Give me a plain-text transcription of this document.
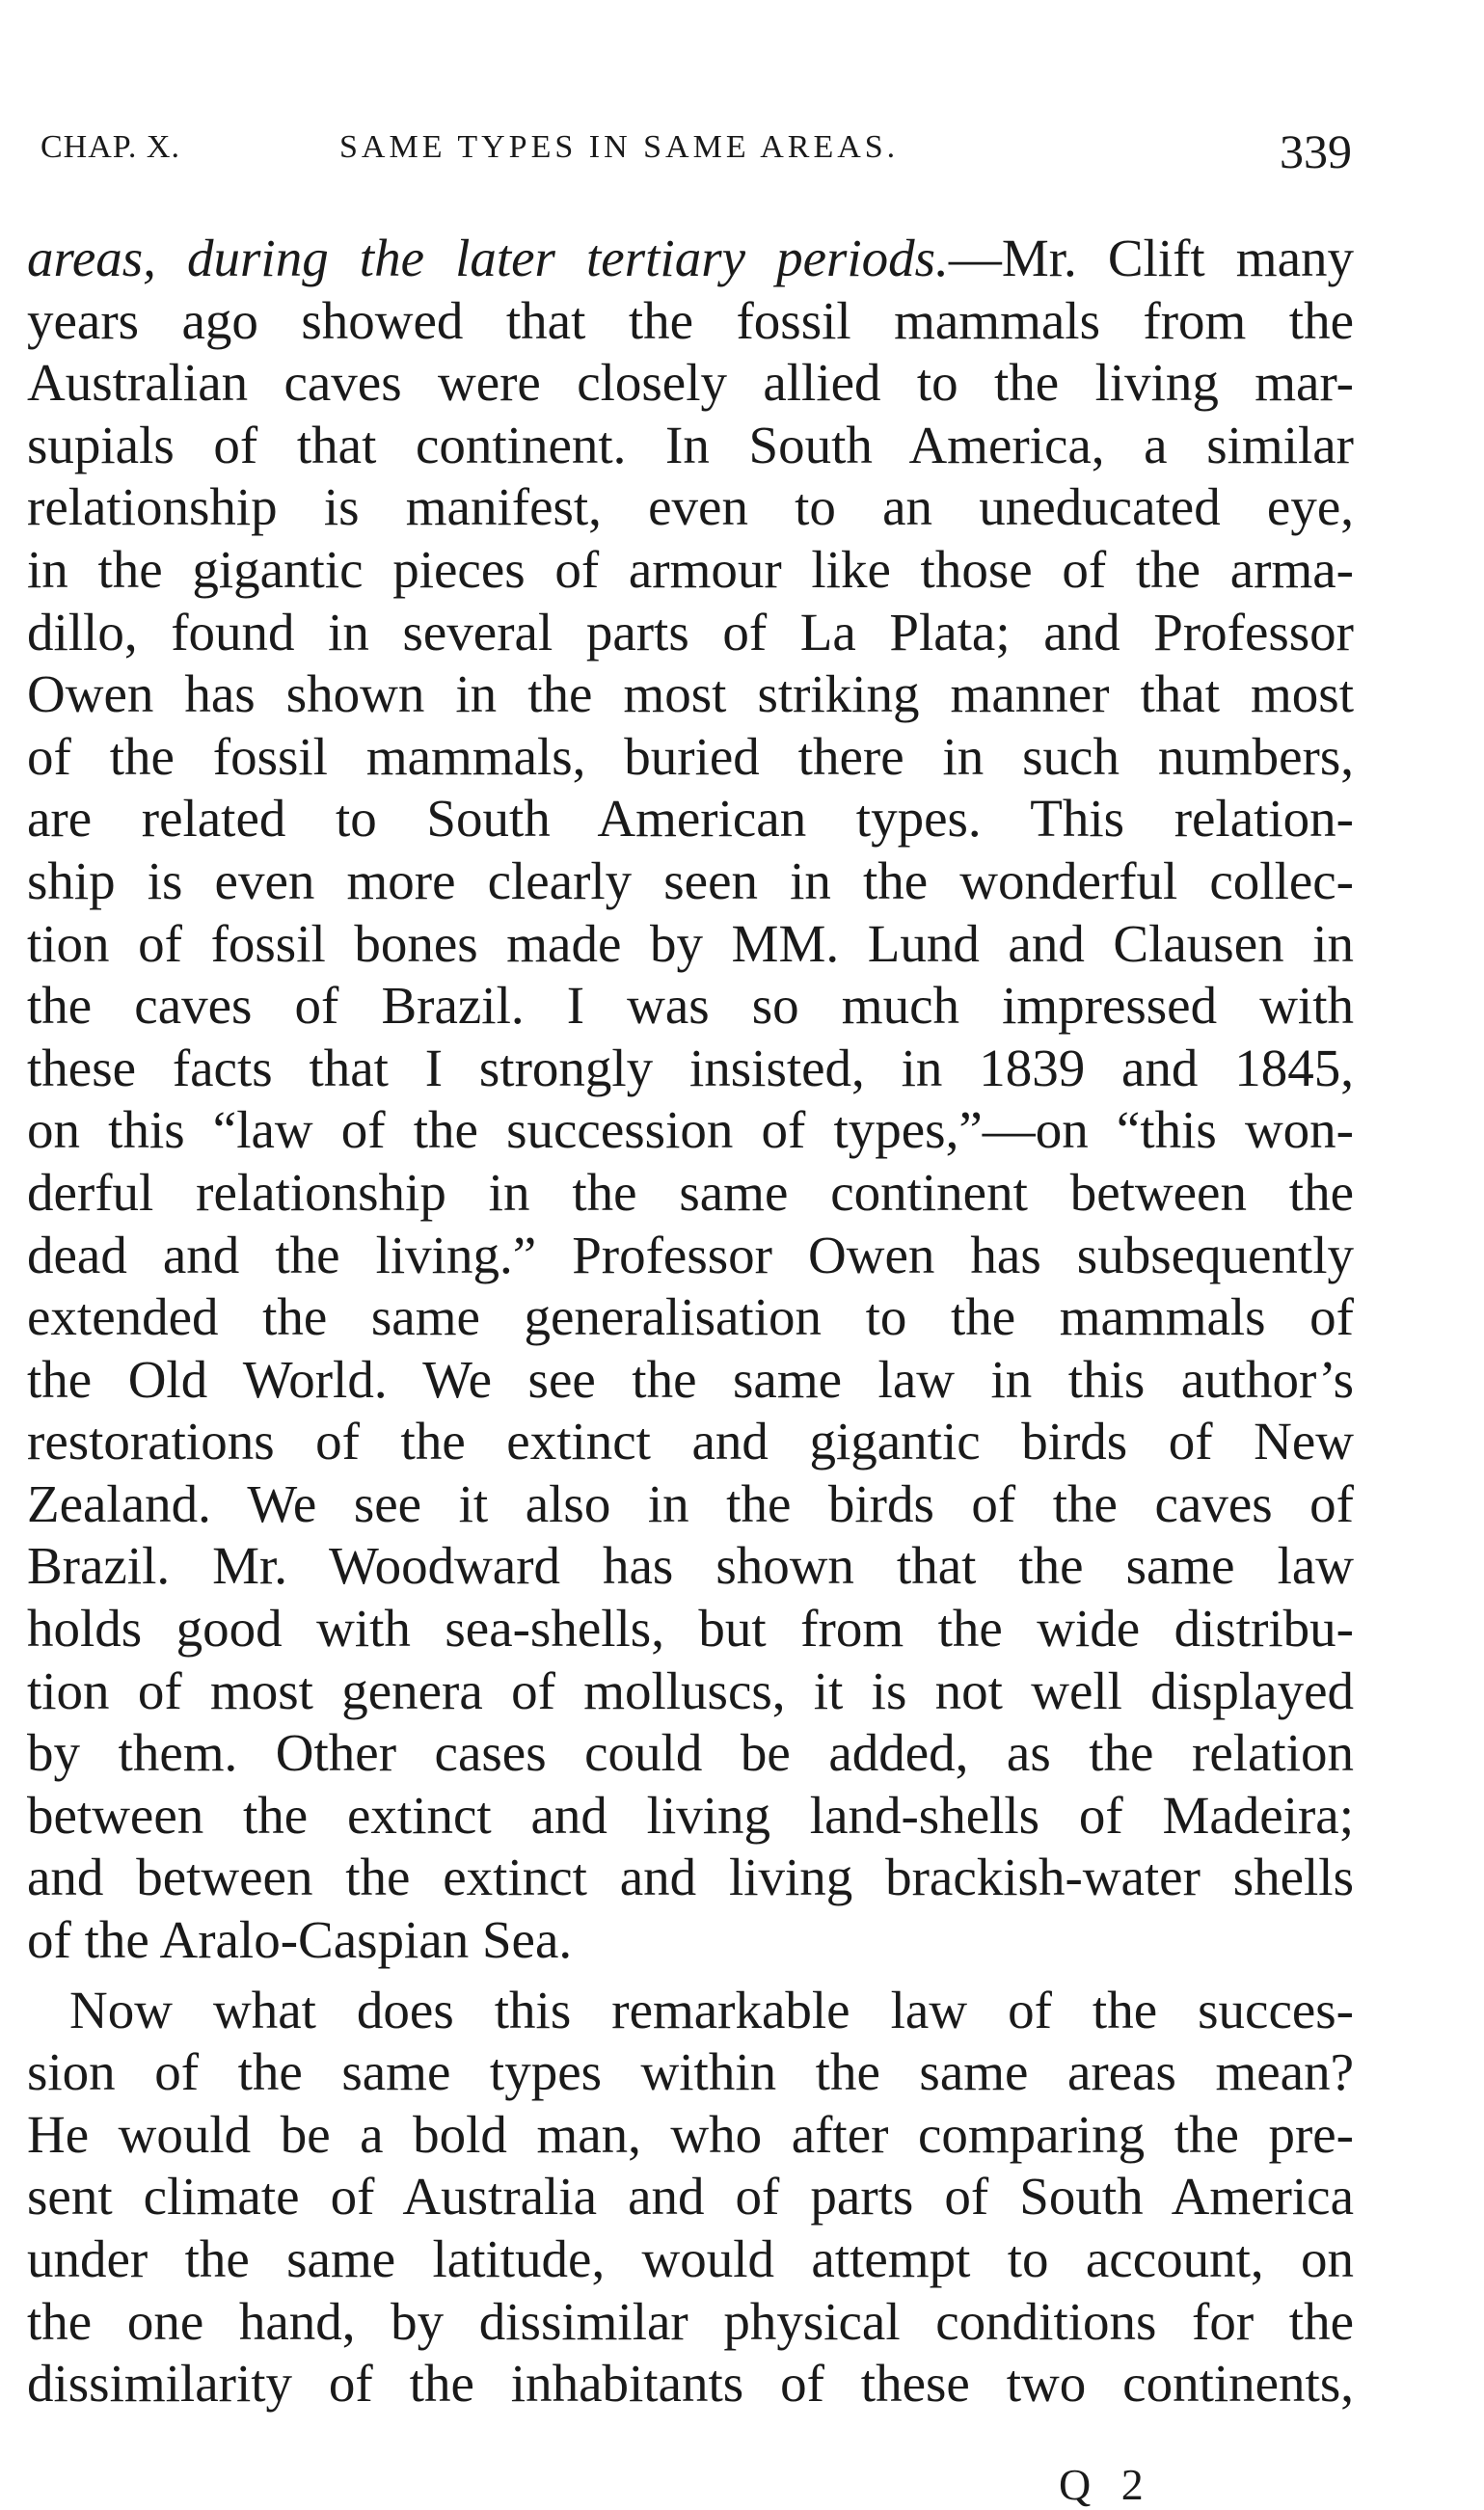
CHAP. X.	SAME TYPES IN SAME AREAS.	339
areas, during the later tertiary periods.—Mr. Clift many
years ago showed that the fossil mammals from the
Australian caves were closely allied to the living mar-
supials of that continent. In South America, a similar
relationship is manifest, even to an uneducated eye,
in the gigantic pieces of armour like those of the arma-
dillo, found in several parts of La Plata; and Professor
Owen has shown in the most striking manner that most
of the fossil mammals, buried there in such numbers,
are related to South American types. This relation-
ship is even more clearly seen in the wonderful collec-
tion of fossil bones made by MM. Lund and Clausen in
the caves of Brazil. I was so much impressed with
these facts that I strongly insisted, in 1839 and 1845,
on this “law of the succession of types,”—on “this won-
derful relationship in the same continent between the
dead and the living.” Professor Owen has subsequently
extended the same generalisation to the mammals of
the Old World. We see the same law in this author’s
restorations of the extinct and gigantic birds of New
Zealand. We see it also in the birds of the caves of
Brazil. Mr. Woodward has shown that the same law
holds good with sea-shells, but from the wide distribu-
tion of most genera of molluscs, it is not well displayed
by them. Other cases could be added, as the relation
between the extinct and living land-shells of Madeira;
and between the extinct and living brackish-water shells
of the Aralo-Caspian Sea.
Now what does this remarkable law of the succes-
sion of the same types within the same areas mean?
He would be a bold man, who after comparing the pre-
sent climate of Australia and of parts of South America
under the same latitude, would attempt to account, on
the one hand, by dissimilar physical conditions for the
dissimilarity of the inhabitants of these two continents,
Q 2
